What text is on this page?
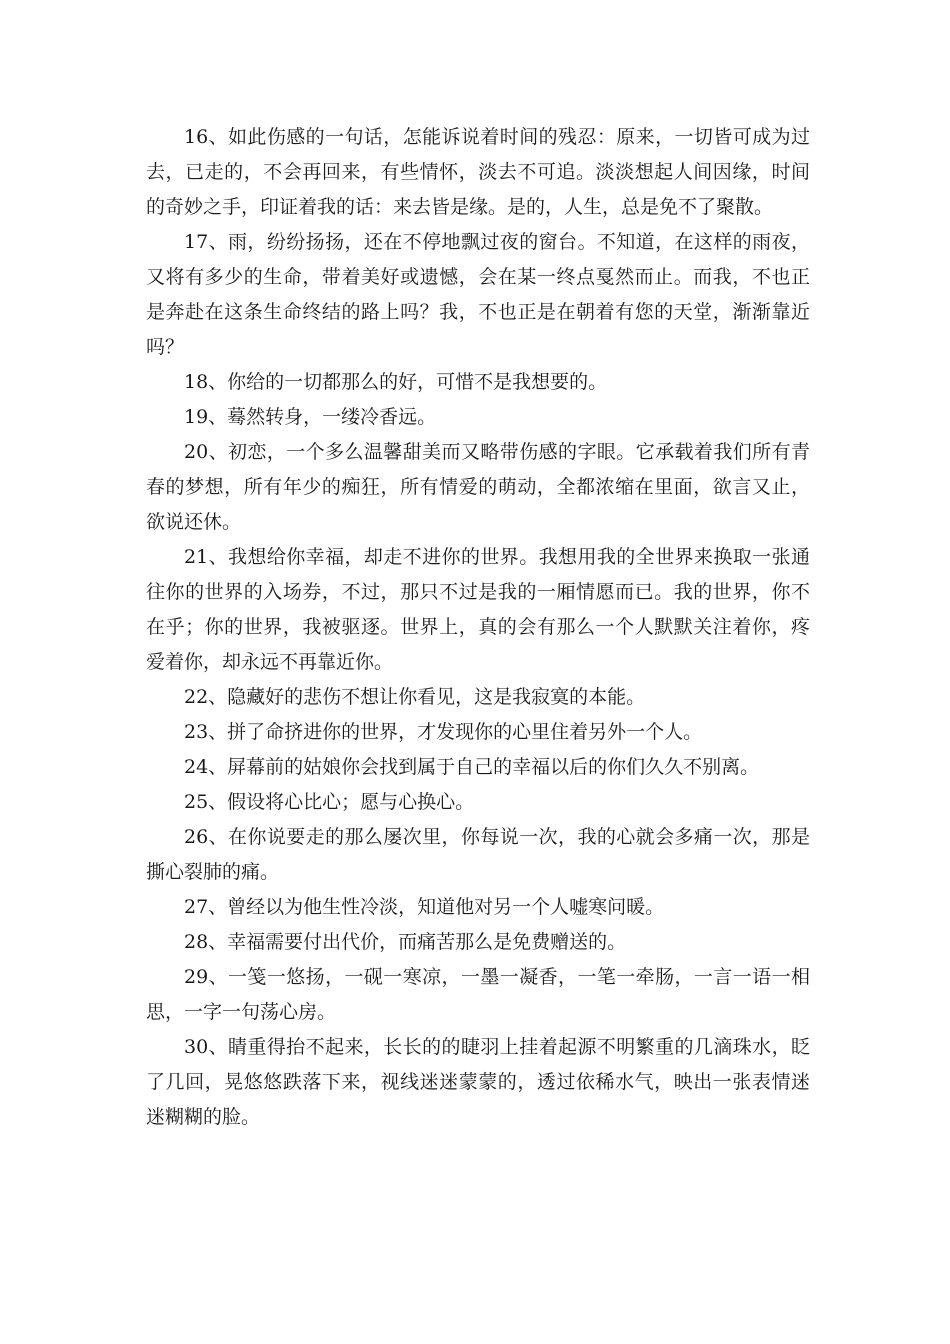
16、如此伤感的一句话，怎能诉说着时间的残忍：原来，一切皆可成为过去，已走的，不会再回来，有些情怀，淡去不可追。淡淡想起人间因缘，时间的奇妙之手，印证着我的话：来去皆是缘。是的，人生，总是免不了聚散。

17、雨，纷纷扬扬，还在不停地飘过夜的窗台。不知道，在这样的雨夜，又将有多少的生命，带着美好或遗憾，会在某一终点戛然而止。而我，不也正是奔赴在这条生命终结的路上吗？我，不也正是在朝着有您的天堂，渐渐靠近吗？

18、你给的一切都那么的好，可惜不是我想要的。

19、蓦然转身，一缕冷香远。

20、初恋，一个多么温馨甜美而又略带伤感的字眼。它承载着我们所有青春的梦想，所有年少的痴狂，所有情爱的萌动，全都浓缩在里面，欲言又止，欲说还休。

21、我想给你幸福，却走不进你的世界。我想用我的全世界来换取一张通往你的世界的入场券，不过，那只不过是我的一厢情愿而已。我的世界，你不在乎；你的世界，我被驱逐。世界上，真的会有那么一个人默默关注着你，疼爱着你，却永远不再靠近你。

22、隐藏好的悲伤不想让你看见，这是我寂寞的本能。

23、拼了命挤进你的世界，才发现你的心里住着另外一个人。

24、屏幕前的姑娘你会找到属于自己的幸福以后的你们久久不别离。

25、假设将心比心；愿与心换心。

26、在你说要走的那么屡次里，你每说一次，我的心就会多痛一次，那是撕心裂肺的痛。

27、曾经以为他生性冷淡，知道他对另一个人嘘寒问暖。

28、幸福需要付出代价，而痛苦那么是免费赠送的。

29、一笺一悠扬，一砚一寒凉，一墨一凝香，一笔一牵肠，一言一语一相思，一字一句荡心房。

30、睛重得抬不起来，长长的的睫羽上挂着起源不明繁重的几滴珠水，眨了几回，晃悠悠跌落下来，视线迷迷蒙蒙的，透过依稀水气，映出一张表情迷迷糊糊的脸。
